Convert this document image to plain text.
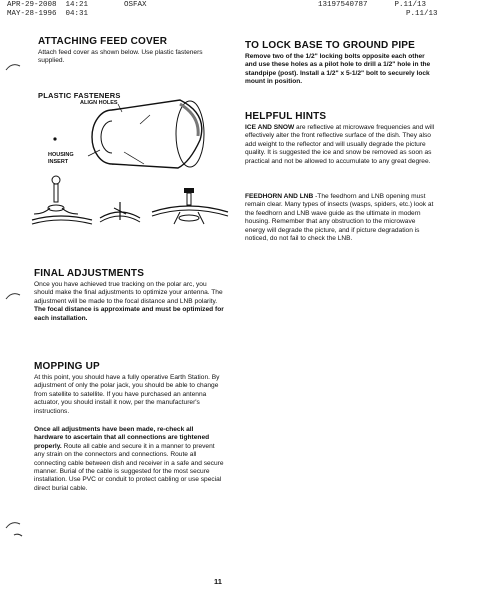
APR-29-2008  14:21        OSFAX	13197540787      P.11/13
MAY-28-1996  04:31	P.11/13
ATTACHING FEED COVER

Attach feed cover as shown below. Use plastic fasteners supplied.

PLASTIC FASTENERS
ALIGN HOLES
HOUSING INSERT
TO LOCK BASE TO GROUND PIPE

Remove two of the 1/2" locking bolts opposite each other and use these holes as a pilot hole to drill a 1/2" hole in the standpipe (post). Install a 1/2" x 5-1/2" bolt to securely lock mount in position.

HELPFUL HINTS

ICE AND SNOW are reflective at microwave frequencies and will effectively alter the front reflective surface of the dish. They also add weight to the reflector and will usually degrade the picture quality. It is suggested the ice and snow be removed as soon as practical and not be allowed to accumulate to any great degree.

FEEDHORN AND LNB -The feedhorn and LNB opening must remain clear. Many types of insects (wasps, spiders, etc.) look at the feedhorn and LNB wave guide as the ultimate in modern housing. Remember that any obstruction to the microwave energy will degrade the picture, and if picture degradation is noticed, do not fail to check the LNB.

FINAL ADJUSTMENTS

Once you have achieved true tracking on the polar arc, you should make the final adjustments to optimize your antenna. The adjustment will be made to the focal distance and LNB polarity. The focal distance is approximate and must be optimized for each installation.

MOPPING UP

At this point, you should have a fully operative Earth Station. By adjustment of only the polar jack, you should be able to change from satellite to satellite. If you have purchased an antenna actuator, you should install it now, per the manufacturer's instructions.

Once all adjustments have been made, re-check all hardware to ascertain that all connections are tightened properly. Route all cable and secure it in a manner to prevent any strain on the connectors and connections. Route all connecting cable between dish and receiver in a safe and secure manner. Burial of the cable is suggested for the most secure installation. Use PVC or conduit to protect cabling or use special direct burial cable.

11
